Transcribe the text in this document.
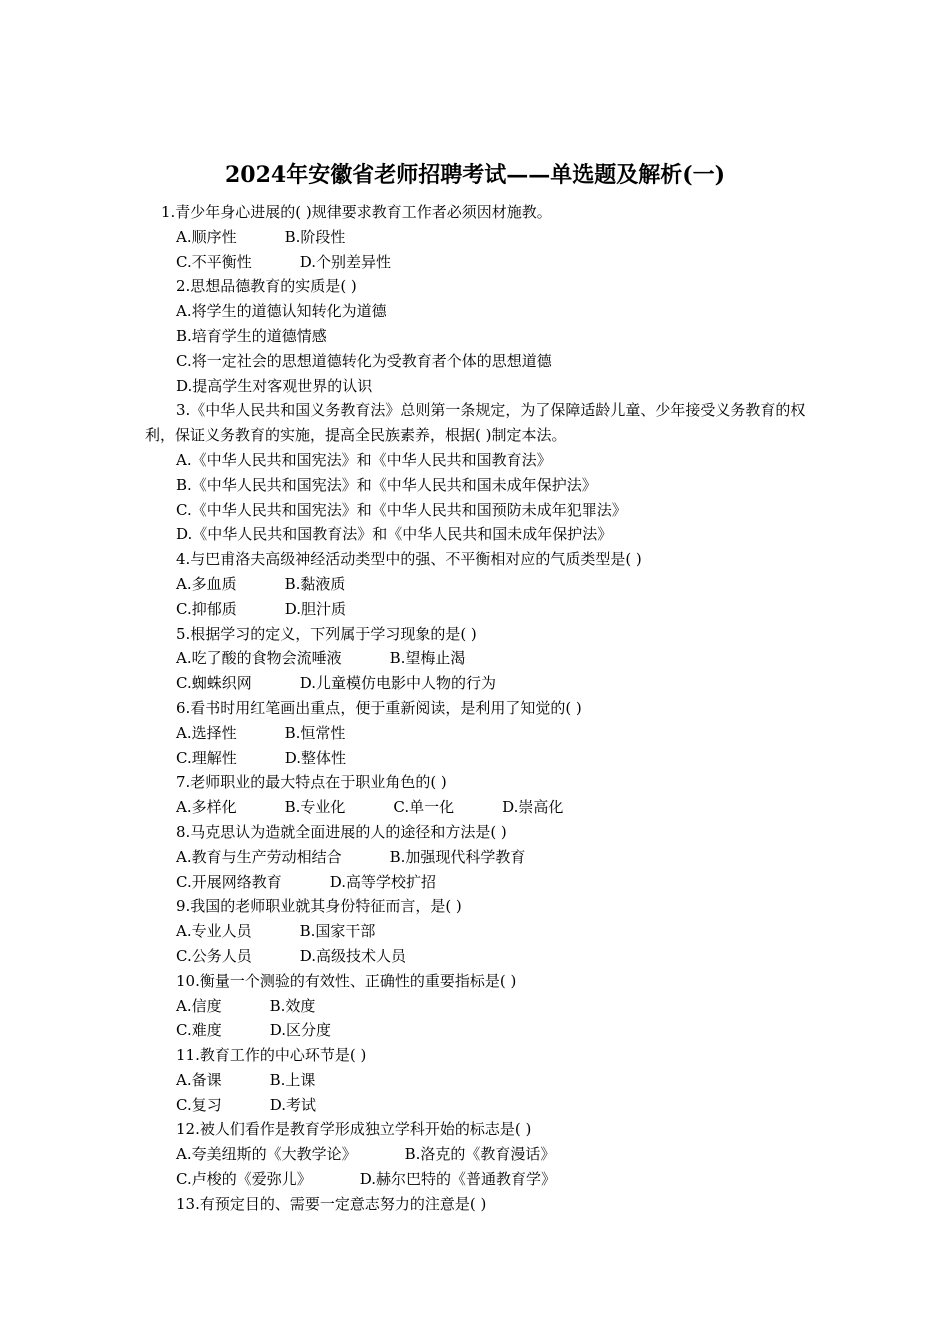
2024年安徽省老师招聘考试——单选题及解析(一)
1.青少年身心进展的( )规律要求教育工作者必须因材施教。
A.顺序性	B.阶段性
C.不平衡性	D.个别差异性
2.思想品德教育的实质是( )
A.将学生的道德认知转化为道德
B.培育学生的道德情感
C.将一定社会的思想道德转化为受教育者个体的思想道德
D.提高学生对客观世界的认识
3.《中华人民共和国义务教育法》总则第一条规定，为了保障适龄儿童、少年接受义务教育的权利，保证义务教育的实施，提高全民族素养，根据( )制定本法。
A.《中华人民共和国宪法》和《中华人民共和国教育法》
B.《中华人民共和国宪法》和《中华人民共和国未成年保护法》
C.《中华人民共和国宪法》和《中华人民共和国预防未成年犯罪法》
D.《中华人民共和国教育法》和《中华人民共和国未成年保护法》
4.与巴甫洛夫高级神经活动类型中的强、不平衡相对应的气质类型是( )
A.多血质	B.黏液质
C.抑郁质	D.胆汁质
5.根据学习的定义，下列属于学习现象的是( )
A.吃了酸的食物会流唾液	B.望梅止渴
C.蜘蛛织网	D.儿童模仿电影中人物的行为
6.看书时用红笔画出重点，便于重新阅读，是利用了知觉的( )
A.选择性	B.恒常性
C.理解性	D.整体性
7.老师职业的最大特点在于职业角色的( )
A.多样化	B.专业化	C.单一化	D.崇高化
8.马克思认为造就全面进展的人的途径和方法是( )
A.教育与生产劳动相结合	B.加强现代科学教育
C.开展网络教育	D.高等学校扩招
9.我国的老师职业就其身份特征而言，是( )
A.专业人员	B.国家干部
C.公务人员	D.高级技术人员
10.衡量一个测验的有效性、正确性的重要指标是( )
A.信度	B.效度
C.难度	D.区分度
11.教育工作的中心环节是( )
A.备课	B.上课
C.复习	D.考试
12.被人们看作是教育学形成独立学科开始的标志是( )
A.夸美纽斯的《大教学论》	B.洛克的《教育漫话》
C.卢梭的《爱弥儿》	D.赫尔巴特的《普通教育学》
13.有预定目的、需要一定意志努力的注意是( )
